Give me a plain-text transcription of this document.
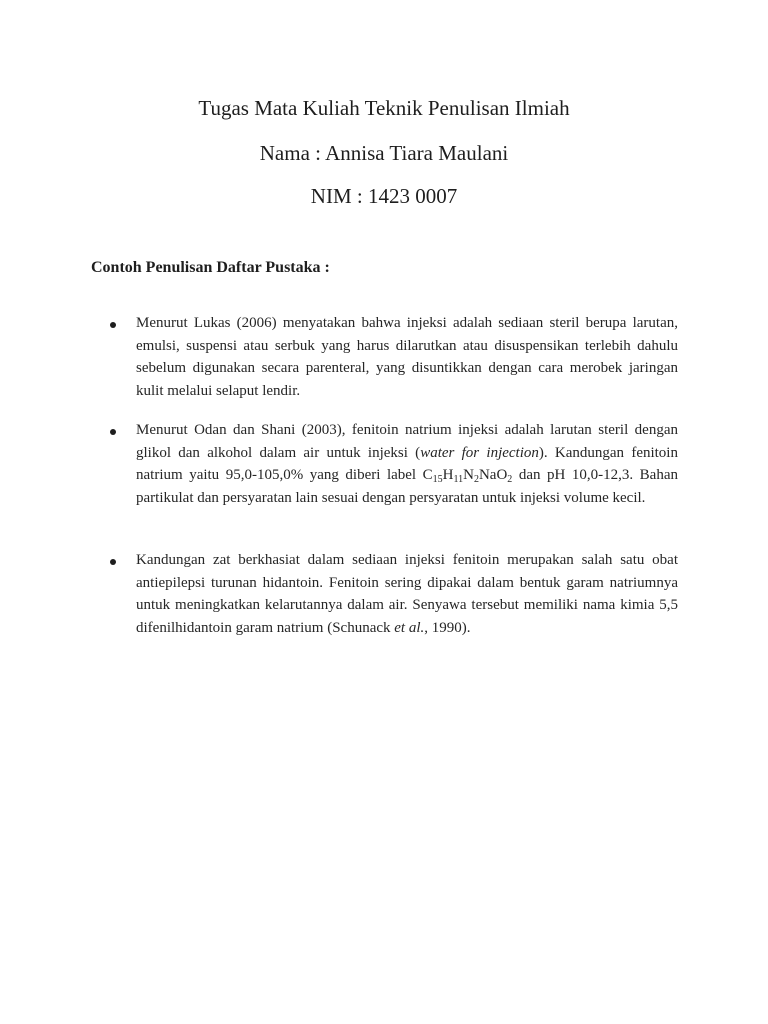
Tugas Mata Kuliah Teknik Penulisan Ilmiah
Nama : Annisa Tiara Maulani
NIM : 1423 0007
Contoh Penulisan Daftar Pustaka :
Menurut Lukas (2006) menyatakan bahwa injeksi adalah sediaan steril berupa larutan, emulsi, suspensi atau serbuk yang harus dilarutkan atau disuspensikan terlebih dahulu sebelum digunakan secara parenteral, yang disuntikkan dengan cara merobek jaringan kulit melalui selaput lendir.
Menurut Odan dan Shani (2003), fenitoin natrium injeksi adalah larutan steril dengan glikol dan alkohol dalam air untuk injeksi (water for injection). Kandungan fenitoin natrium yaitu 95,0-105,0% yang diberi label $C_{15}H_{11}N_2NaO_2$ dan pH 10,0-12,3. Bahan partikulat dan persyaratan lain sesuai dengan persyaratan untuk injeksi volume kecil.
Kandungan zat berkhasiat dalam sediaan injeksi fenitoin merupakan salah satu obat antiepilepsi turunan hidantoin. Fenitoin sering dipakai dalam bentuk garam natriumnya untuk meningkatkan kelarutannya dalam air. Senyawa tersebut memiliki nama kimia 5,5 difenilhidantoin garam natrium (Schunack et al., 1990).
